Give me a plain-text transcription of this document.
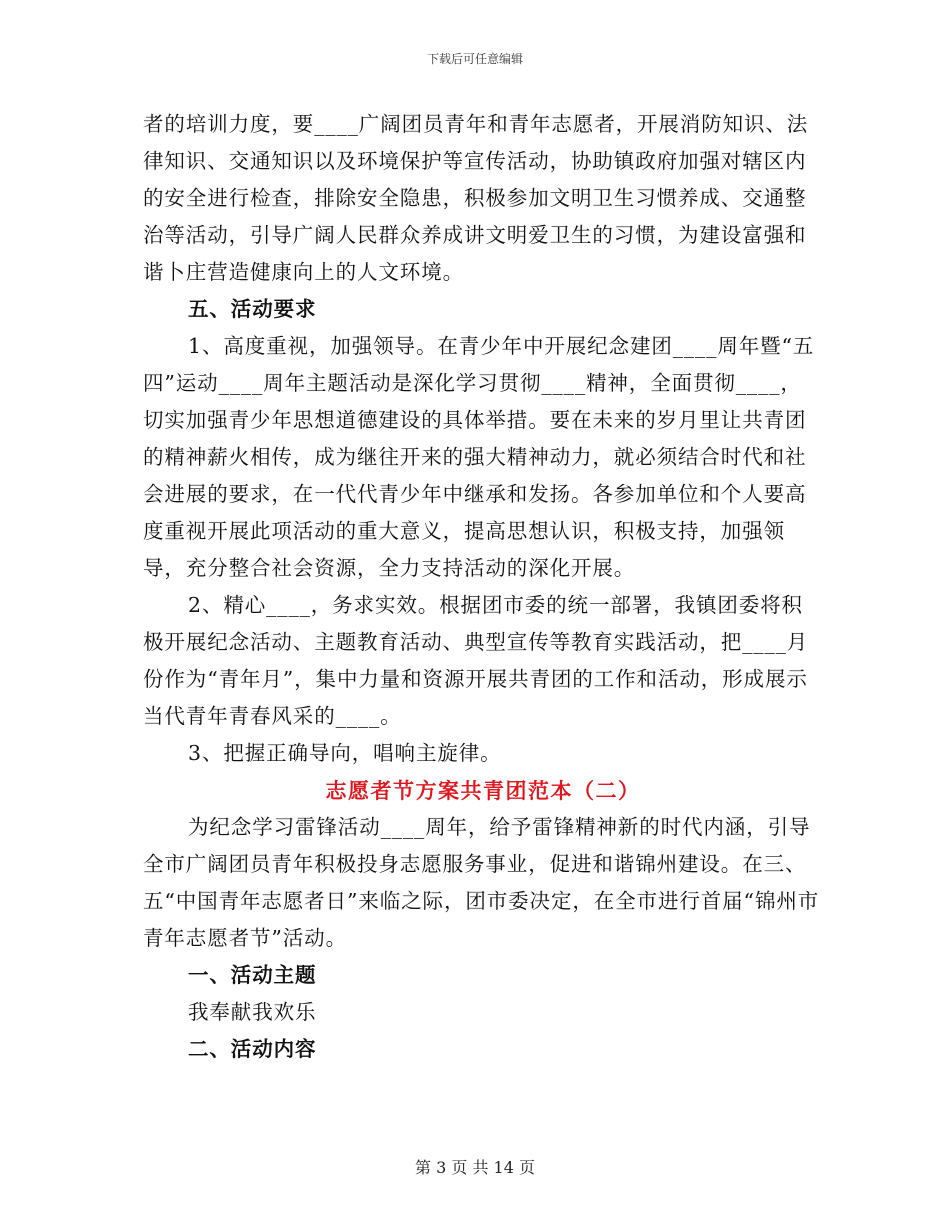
下载后可任意编辑

者的培训力度，要____广阔团员青年和青年志愿者，开展消防知识、法律知识、交通知识以及环境保护等宣传活动，协助镇政府加强对辖区内的安全进行检查，排除安全隐患，积极参加文明卫生习惯养成、交通整治等活动，引导广阔人民群众养成讲文明爱卫生的习惯，为建设富强和谐卜庄营造健康向上的人文环境。

五、活动要求

1、高度重视，加强领导。在青少年中开展纪念建团____周年暨“五四”运动____周年主题活动是深化学习贯彻____精神，全面贯彻____，切实加强青少年思想道德建设的具体举措。要在未来的岁月里让共青团的精神薪火相传，成为继往开来的强大精神动力，就必须结合时代和社会进展的要求，在一代代青少年中继承和发扬。各参加单位和个人要高度重视开展此项活动的重大意义，提高思想认识，积极支持，加强领导，充分整合社会资源，全力支持活动的深化开展。

2、精心____，务求实效。根据团市委的统一部署，我镇团委将积极开展纪念活动、主题教育活动、典型宣传等教育实践活动，把____月份作为“青年月”，集中力量和资源开展共青团的工作和活动，形成展示当代青年青春风采的____。

3、把握正确导向，唱响主旋律。

志愿者节方案共青团范本（二）

为纪念学习雷锋活动____周年，给予雷锋精神新的时代内涵，引导全市广阔团员青年积极投身志愿服务事业，促进和谐锦州建设。在三、五“中国青年志愿者日”来临之际，团市委决定，在全市进行首届“锦州市青年志愿者节”活动。

一、活动主题

我奉献我欢乐

二、活动内容

第 3 页 共 14 页
